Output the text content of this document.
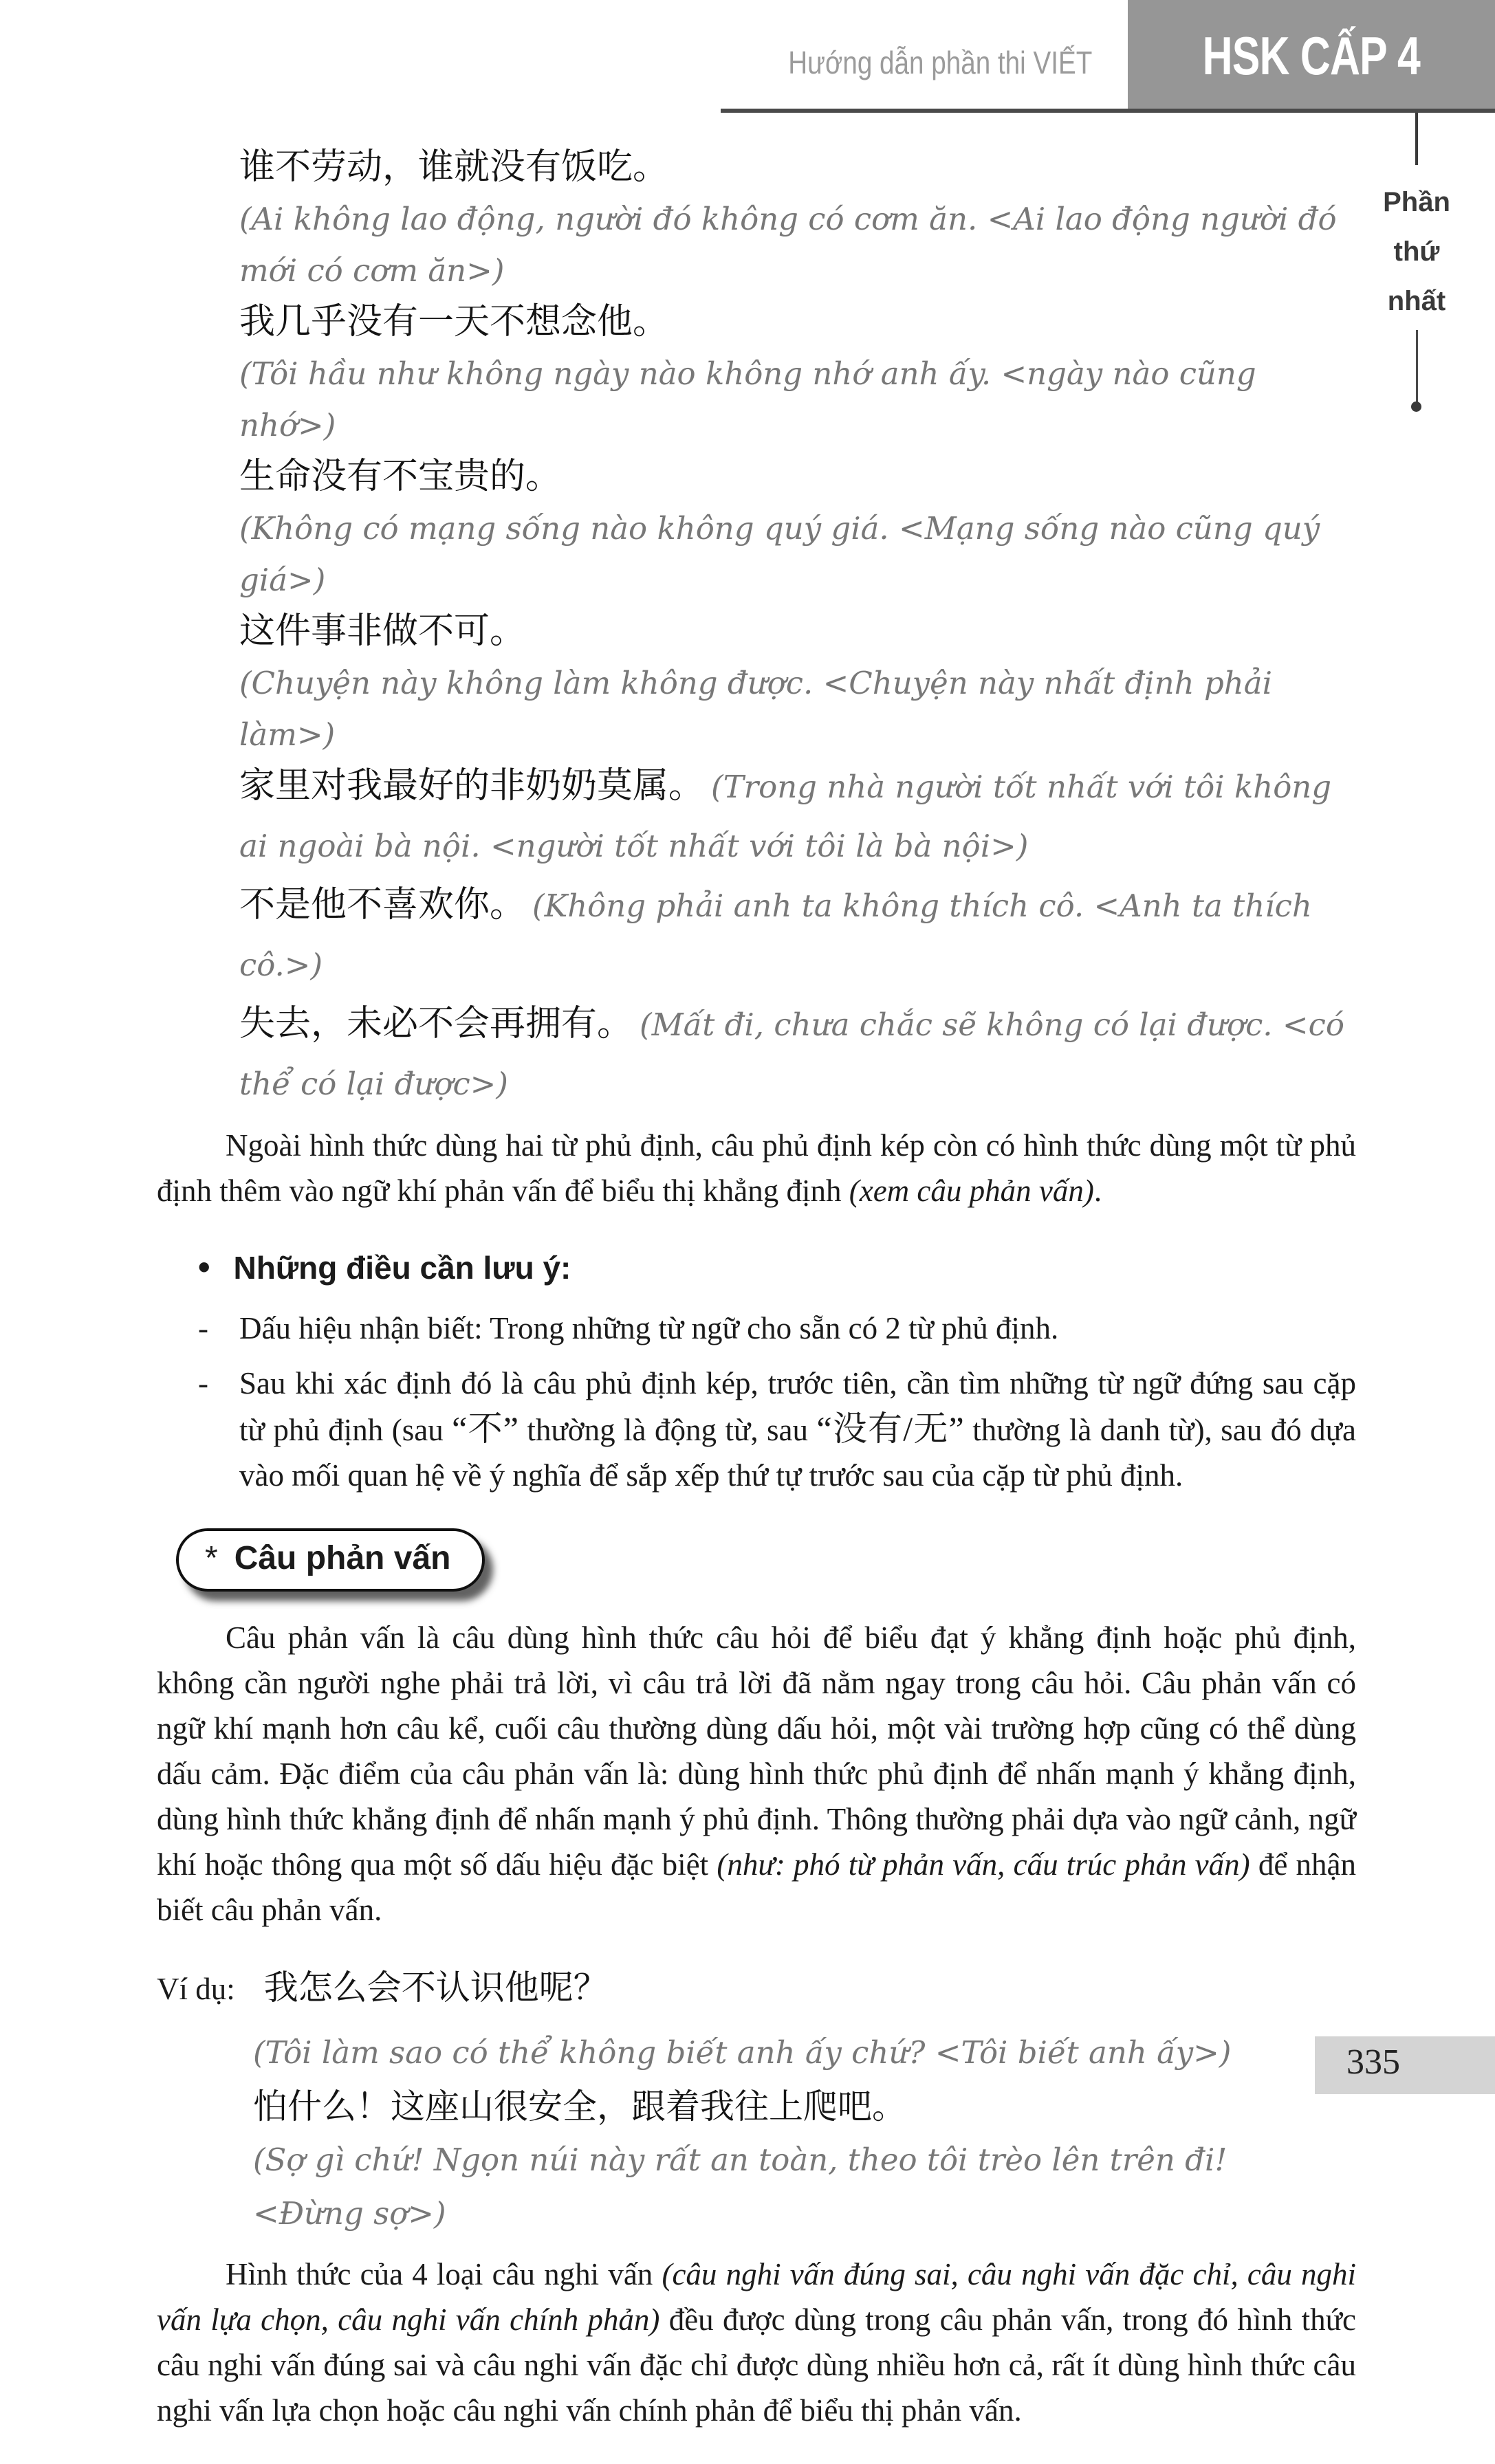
HSK CẤP 4
Hướng dẫn phần thi VIẾT
Phần
thứ
nhất
谁不劳动，谁就没有饭吃。
(Ai không lao động, người đó không có cơm ăn. <Ai lao động người đó mới có cơm ăn>)
我几乎没有一天不想念他。
(Tôi hầu như không ngày nào không nhớ anh ấy. <ngày nào cũng nhớ>)
生命没有不宝贵的。
(Không có mạng sống nào không quý giá. <Mạng sống nào cũng quý giá>)
这件事非做不可。
(Chuyện này không làm không được. <Chuyện này nhất định phải làm>)
家里对我最好的非奶奶莫属。 (Trong nhà người tốt nhất với tôi không ai ngoài bà nội. <người tốt nhất với tôi là bà nội>)
不是他不喜欢你。 (Không phải anh ta không thích cô. <Anh ta thích cô.>)
失去，未必不会再拥有。 (Mất đi, chưa chắc sẽ không có lại được. <có thể có lại được>)

Ngoài hình thức dùng hai từ phủ định, câu phủ định kép còn có hình thức dùng một từ phủ định thêm vào ngữ khí phản vấn để biểu thị khẳng định (xem câu phản vấn).

• Những điều cần lưu ý:
-	Dấu hiệu nhận biết: Trong những từ ngữ cho sẵn có 2 từ phủ định.
-	Sau khi xác định đó là câu phủ định kép, trước tiên, cần tìm những từ ngữ đứng sau cặp từ phủ định (sau “不” thường là động từ, sau “没有/无” thường là danh từ), sau đó dựa vào mối quan hệ về ý nghĩa để sắp xếp thứ tự trước sau của cặp từ phủ định.
* Câu phản vấn

Câu phản vấn là câu dùng hình thức câu hỏi để biểu đạt ý khẳng định hoặc phủ định, không cần người nghe phải trả lời, vì câu trả lời đã nằm ngay trong câu hỏi. Câu phản vấn có ngữ khí mạnh hơn câu kể, cuối câu thường dùng dấu hỏi, một vài trường hợp cũng có thể dùng dấu cảm. Đặc điểm của câu phản vấn là: dùng hình thức phủ định để nhấn mạnh ý khẳng định, dùng hình thức khẳng định để nhấn mạnh ý phủ định. Thông thường phải dựa vào ngữ cảnh, ngữ khí hoặc thông qua một số dấu hiệu đặc biệt (như: phó từ phản vấn, cấu trúc phản vấn) để nhận biết câu phản vấn.

Ví dụ: 我怎么会不认识他呢？
(Tôi làm sao có thể không biết anh ấy chứ? <Tôi biết anh ấy>)
怕什么！这座山很安全，跟着我往上爬吧。
(Sợ gì chứ! Ngọn núi này rất an toàn, theo tôi trèo lên trên đi! <Đừng sợ>)

Hình thức của 4 loại câu nghi vấn (câu nghi vấn đúng sai, câu nghi vấn đặc chỉ, câu nghi vấn lựa chọn, câu nghi vấn chính phản) đều được dùng trong câu phản vấn, trong đó hình thức câu nghi vấn đúng sai và câu nghi vấn đặc chỉ được dùng nhiều hơn cả, rất ít dùng hình thức câu nghi vấn lựa chọn hoặc câu nghi vấn chính phản để biểu thị phản vấn.

335
